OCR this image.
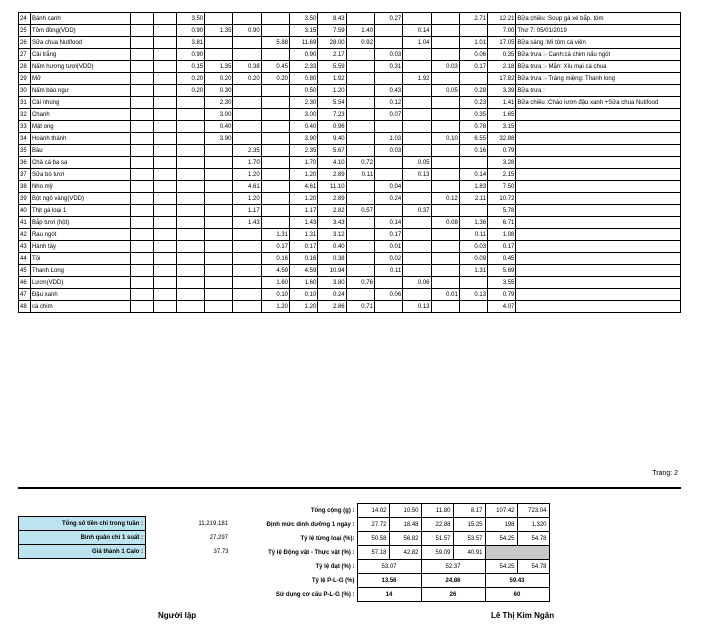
24	Bánh canh			3.50				3.50	8.43		0.27			2.71	12.21	Bữa chiều :Soup gà xé bắp, tôm
25	Tôm đồng(VDD)			0.90	1.35	0.90		3.15	7.59	1.40		0.14			7.00	Thứ 7: 05/01/2019
26	Sữa chua Nutifood			3.81			5.88	11.69	28.00	0.92		1.04		1.01	17.05	Bữa sáng :Mì tôm cá viên
27	Cải trắng			0.90				0.90	2.17		0.03			0.06	0.35	Bữa trưa :- Canh:cá chim nấu ngót
28	Nấm hương tươi(VDD)			0.15	1.35	0.38	0.45	2.33	5.59		0.31		0.03	0.17	2.18	Bữa trưa :- Mặn: Xíu mại cà chua
29	Mỡ			0.20	0.20	0.20	0.20	0.80	1.92			1.92			17.82	Bữa trưa :- Tráng miệng: Thanh long
30	Nấm bào ngư			0.20	0.30			0.50	1.20		0.43		0.05	0.28	3.39	Bữa trưa :
31	Cải nhúng				2.30			2.30	5.54		0.12			0.23	1.41	Bữa chiều :Cháo lươn đậu xanh +Sữa chua Nutifood
32	Chanh				3.00			3.00	7.23		0.07			0.35	1.65	
33	Mật ong				0.40			0.40	0.96					0.78	3.15	
34	Hoành thánh				3.90			3.90	9.40		1.03		0.10	6.55	32.88	
35	Bầu					2.35		2.35	5.67		0.03			0.16	0.79	
36	Chả cá ba sa					1.70		1.70	4.10	0.72		0.05			3.28	
37	Sữa bò tươi					1.20		1.20	2.89	0.11		0.13		0.14	2.15	
38	Nho mỹ					4.61		4.61	11.10		0.04			1.83	7.50	
39	Bột ngô vàng(VDD)					1.20		1.20	2.89		0.24		0.12	2.11	10.72	
40	Thịt gà loại 1					1.17		1.17	2.82	0.57		0.37			5.78	
41	Bắp tươi (hột)					1.43		1.43	3.43		0.14		0.08	1.36	6.71	
42	Rau ngót						1.31	1.31	3.12		0.17			0.11	1.08	
43	Hành tây						0.17	0.17	0.40		0.01			0.03	0.17	
44	Tỏi						0.16	0.16	0.38		0.02			0.09	0.45	
45	Thanh Long						4.59	4.59	10.94		0.11			1.31	5.69	
46	Lươn(VDD)						1.60	1.60	3.80	0.76		0.06			3.55	
47	Đậu xanh						0.10	0.10	0.24		0.06		0.01	0.13	0.79	
48	cá chim						1.20	1.20	2.86	0.71		0.13			4.07	
Trang: 2
Tổng số tiền chi trong tuần :	11,219,181
Bình quân chi 1 suất :	27,297
Giá thành 1 Calo :	37.73
Tổng cộng (g) :	14.02	10.50	11.80	8.17	107.42	723.04
Định mức dinh dưỡng 1 ngày :	27.72	18.48	22.88	15.25	198	1,320
Tỷ lệ từng loại (%):	50.58	56.82	51.57	53.57	54.25	54.78
Tỷ lệ Động vật - Thực vật (%) :	57.18	42.82	59.09	40.91		
Tỷ lệ đạt (%) :	53.07		52.37		54.25	54.78
Tỷ lệ P-L-G (%)	13.56		24.86		59.43	
Sử dụng cơ cấu P-L-G (%) :	14		26		60	
Người lập	Lê Thị Kim Ngân
